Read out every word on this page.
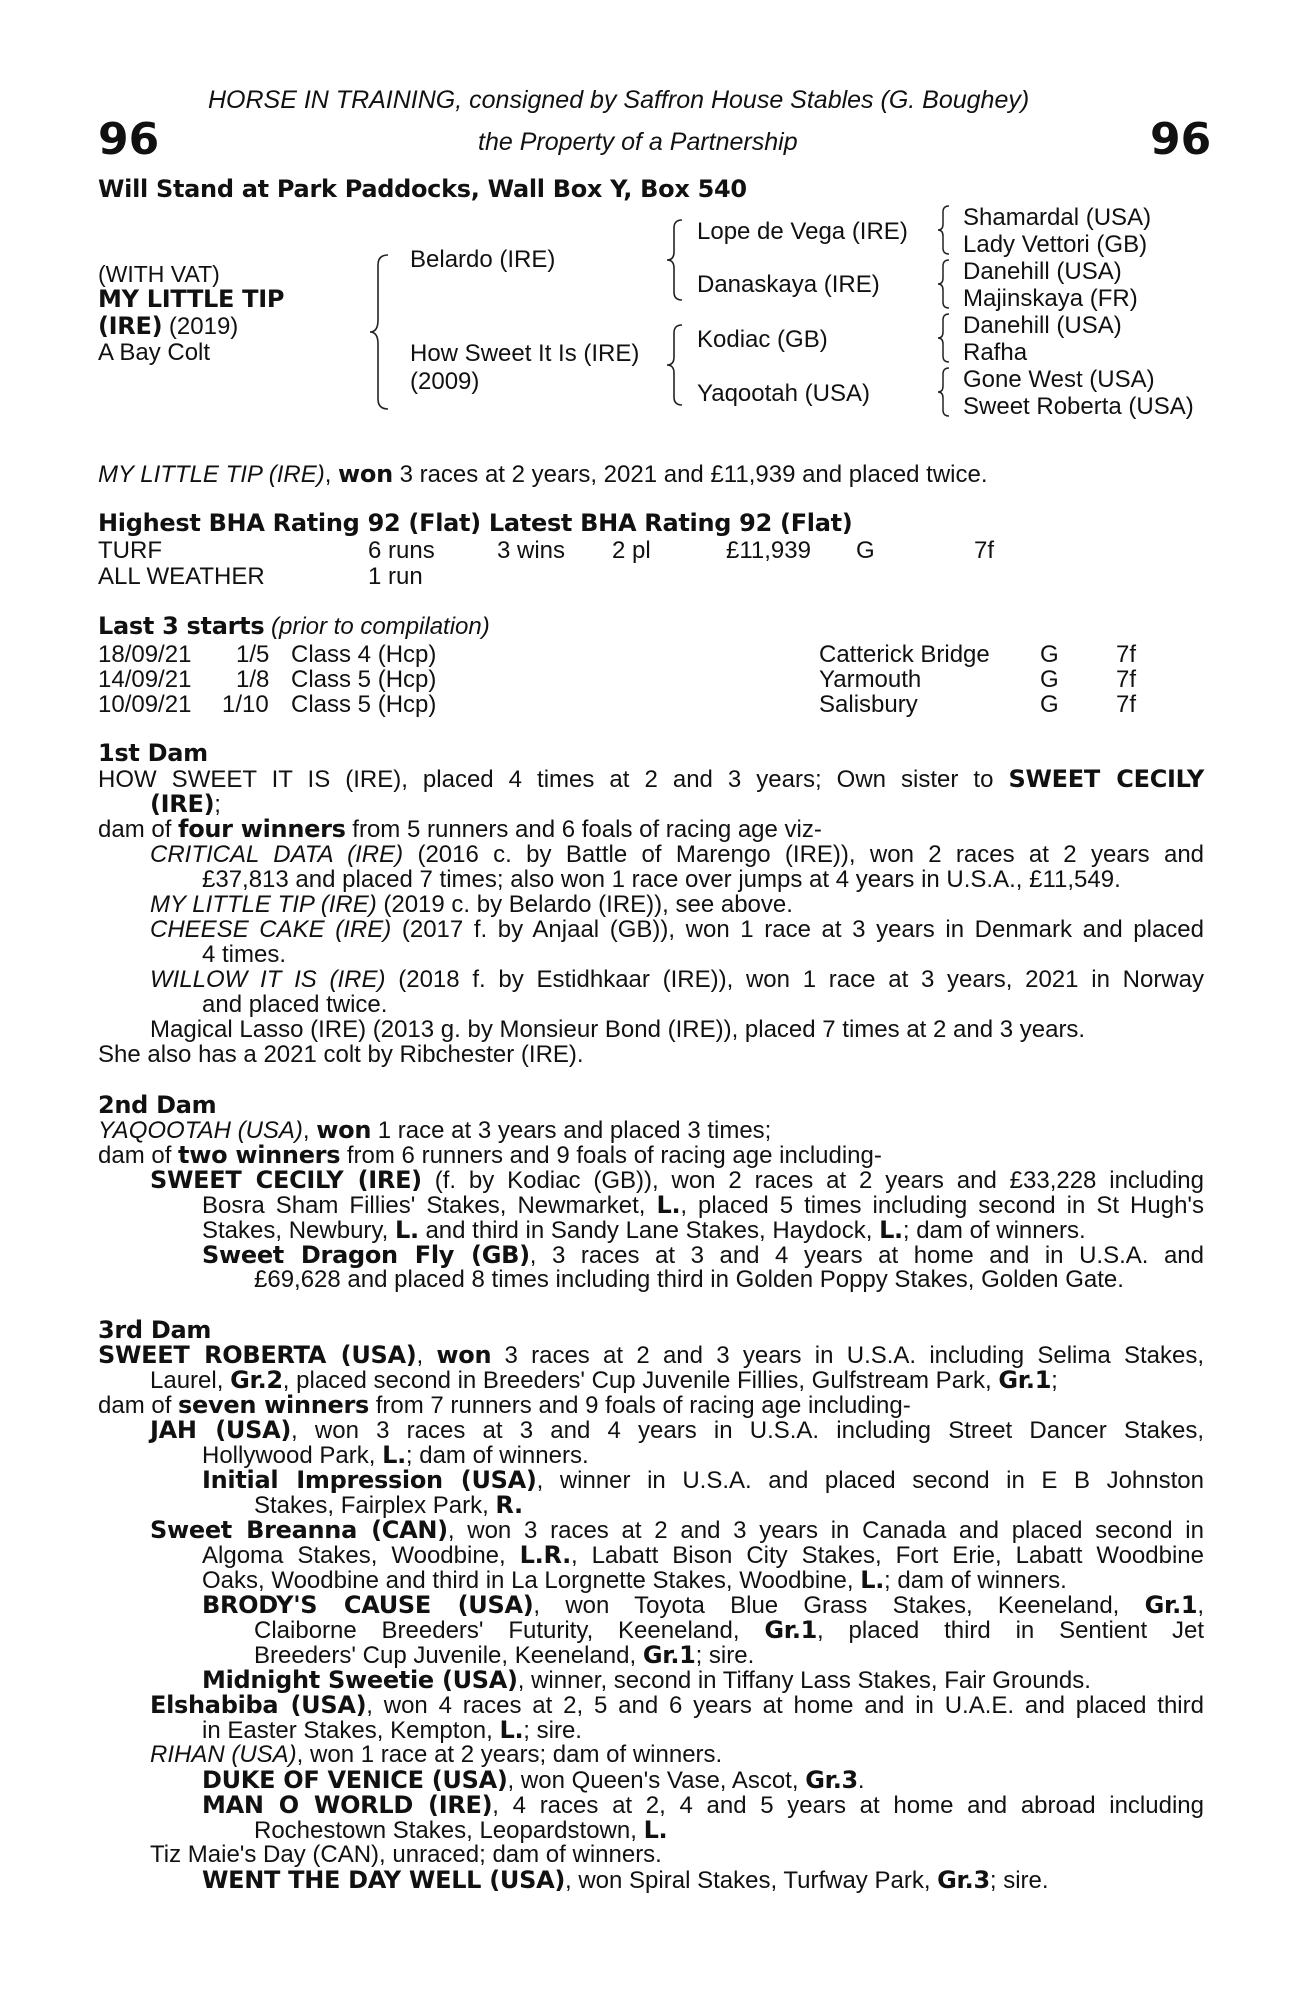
HORSE IN TRAINING, consigned by Saffron House Stables (G. Boughey)
96	the Property of a Partnership	96
Will Stand at Park Paddocks, Wall Box Y, Box 540
(WITH VAT)
MY LITTLE TIP
(IRE) (2019)
A Bay Colt
Belardo (IRE)
How Sweet It Is (IRE)
(2009)
Lope de Vega (IRE)
Danaskaya (IRE)
Kodiac (GB)
Yaqootah (USA)
Shamardal (USA)
Lady Vettori (GB)
Danehill (USA)
Majinskaya (FR)
Danehill (USA)
Rafha
Gone West (USA)
Sweet Roberta (USA)
MY LITTLE TIP (IRE), won 3 races at 2 years, 2021 and £11,939 and placed twice.
Highest BHA Rating 92 (Flat) Latest BHA Rating 92 (Flat)
TURF	6 runs	3 wins 2 pl	£11,939 G	7f
ALL WEATHER	1 run
Last 3 starts (prior to compilation)
18/09/21 1/5 Class 4 (Hcp)	Catterick Bridge G 7f
14/09/21 1/8 Class 5 (Hcp)	Yarmouth	G 7f
10/09/21 1/10 Class 5 (Hcp)	Salisbury	G 7f
1st Dam
HOW SWEET IT IS (IRE), placed 4 times at 2 and 3 years; Own sister to SWEET CECILY
(IRE);
dam of four winners from 5 runners and 6 foals of racing age viz-
CRITICAL DATA (IRE) (2016 c. by Battle of Marengo (IRE)), won 2 races at 2 years and
£37,813 and placed 7 times; also won 1 race over jumps at 4 years in U.S.A., £11,549.
MY LITTLE TIP (IRE) (2019 c. by Belardo (IRE)), see above.
CHEESE CAKE (IRE) (2017 f. by Anjaal (GB)), won 1 race at 3 years in Denmark and placed
4 times.
WILLOW IT IS (IRE) (2018 f. by Estidhkaar (IRE)), won 1 race at 3 years, 2021 in Norway
and placed twice.
Magical Lasso (IRE) (2013 g. by Monsieur Bond (IRE)), placed 7 times at 2 and 3 years.
She also has a 2021 colt by Ribchester (IRE).
2nd Dam
YAQOOTAH (USA), won 1 race at 3 years and placed 3 times;
dam of two winners from 6 runners and 9 foals of racing age including-
SWEET CECILY (IRE) (f. by Kodiac (GB)), won 2 races at 2 years and £33,228 including
Bosra Sham Fillies' Stakes, Newmarket, L., placed 5 times including second in St Hugh's
Stakes, Newbury, L. and third in Sandy Lane Stakes, Haydock, L.; dam of winners.
Sweet Dragon Fly (GB), 3 races at 3 and 4 years at home and in U.S.A. and
£69,628 and placed 8 times including third in Golden Poppy Stakes, Golden Gate.
3rd Dam
SWEET ROBERTA (USA), won 3 races at 2 and 3 years in U.S.A. including Selima Stakes,
Laurel, Gr.2, placed second in Breeders' Cup Juvenile Fillies, Gulfstream Park, Gr.1;
dam of seven winners from 7 runners and 9 foals of racing age including-
JAH (USA), won 3 races at 3 and 4 years in U.S.A. including Street Dancer Stakes,
Hollywood Park, L.; dam of winners.
Initial Impression (USA), winner in U.S.A. and placed second in E B Johnston
Stakes, Fairplex Park, R.
Sweet Breanna (CAN), won 3 races at 2 and 3 years in Canada and placed second in
Algoma Stakes, Woodbine, L.R., Labatt Bison City Stakes, Fort Erie, Labatt Woodbine
Oaks, Woodbine and third in La Lorgnette Stakes, Woodbine, L.; dam of winners.
BRODY'S CAUSE (USA), won Toyota Blue Grass Stakes, Keeneland, Gr.1,
Claiborne Breeders' Futurity, Keeneland, Gr.1, placed third in Sentient Jet
Breeders' Cup Juvenile, Keeneland, Gr.1; sire.
Midnight Sweetie (USA), winner, second in Tiffany Lass Stakes, Fair Grounds.
Elshabiba (USA), won 4 races at 2, 5 and 6 years at home and in U.A.E. and placed third
in Easter Stakes, Kempton, L.; sire.
RIHAN (USA), won 1 race at 2 years; dam of winners.
DUKE OF VENICE (USA), won Queen's Vase, Ascot, Gr.3.
MAN O WORLD (IRE), 4 races at 2, 4 and 5 years at home and abroad including
Rochestown Stakes, Leopardstown, L.
Tiz Maie's Day (CAN), unraced; dam of winners.
WENT THE DAY WELL (USA), won Spiral Stakes, Turfway Park, Gr.3; sire.
